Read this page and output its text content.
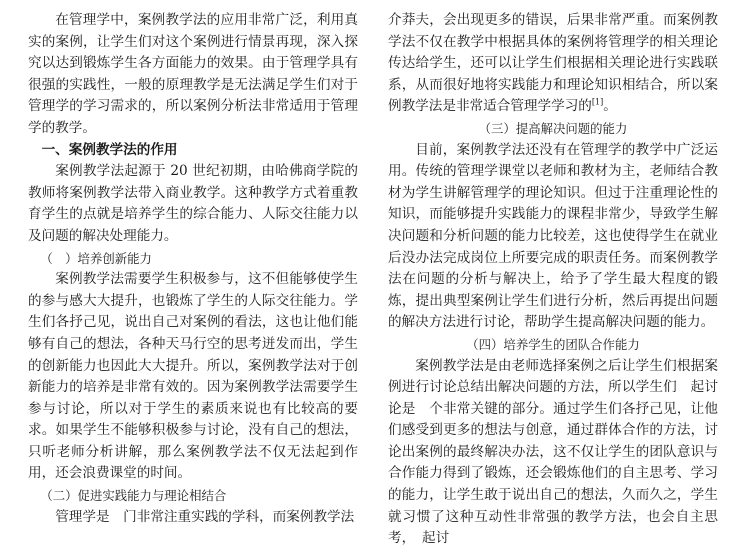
在管理学中，案例教学法的应用非常广泛，利用真实的案例，让学生们对这个案例进行情景再现，深入探究以达到锻炼学生各方面能力的效果。由于管理学具有很强的实践性，一般的原理教学是无法满足学生们对于管理学的学习需求的，所以案例分析法非常适用于管理学的教学。

一、案例教学法的作用

案例教学法起源于 20 世纪初期，由哈佛商学院的教师将案例教学法带入商业教学。这种教学方式着重教育学生的点就是培养学生的综合能力、人际交往能力以及问题的解决处理能力。

（　）培养创新能力

案例教学法需要学生积极参与，这不但能够使学生的参与感大大提升，也锻炼了学生的人际交往能力。学生们各抒己见，说出自己对案例的看法，这也让他们能够有自己的想法，各种天马行空的思考迸发而出，学生的创新能力也因此大大提升。所以，案例教学法对于创新能力的培养是非常有效的。因为案例教学法需要学生参与讨论，所以对于学生的素质来说也有比较高的要求。如果学生不能够积极参与讨论，没有自己的想法，只听老师分析讲解，那么案例教学法不仅无法起到作用，还会浪费课堂的时间。

（二）促进实践能力与理论相结合

管理学是　门非常注重实践的学科，而案例教学法

介莽夫，会出现更多的错误，后果非常严重。而案例教学法不仅在教学中根据具体的案例将管理学的相关理论传达给学生，还可以让学生们根据相关理论进行实践联系，从而很好地将实践能力和理论知识相结合，所以案例教学法是非常适合管理学学习的[1]。

（三）提高解决问题的能力

目前，案例教学法还没有在管理学的教学中广泛运用。传统的管理学课堂以老师和教材为主，老师结合教材为学生讲解管理学的理论知识。但过于注重理论性的知识，而能够提升实践能力的课程非常少，导致学生解决问题和分析问题的能力比较差，这也使得学生在就业后没办法完成岗位上所要完成的职责任务。而案例教学法在问题的分析与解决上，给予了学生最大程度的锻炼，提出典型案例让学生们进行分析，然后再提出问题的解决方法进行讨论，帮助学生提高解决问题的能力。

（四）培养学生的团队合作能力

案例教学法是由老师选择案例之后让学生们根据案例进行讨论总结出解决问题的方法，所以学生们　起讨论是　个非常关键的部分。通过学生们各抒己见，让他们感受到更多的想法与创意，通过群体合作的方法，讨论出案例的最终解决办法，这不仅让学生的团队意识与合作能力得到了锻炼，还会锻炼他们的自主思考、学习的能力，让学生敢于说出自己的想法，久而久之，学生就习惯了这种互动性非常强的教学方法，也会自主思考，　起讨
